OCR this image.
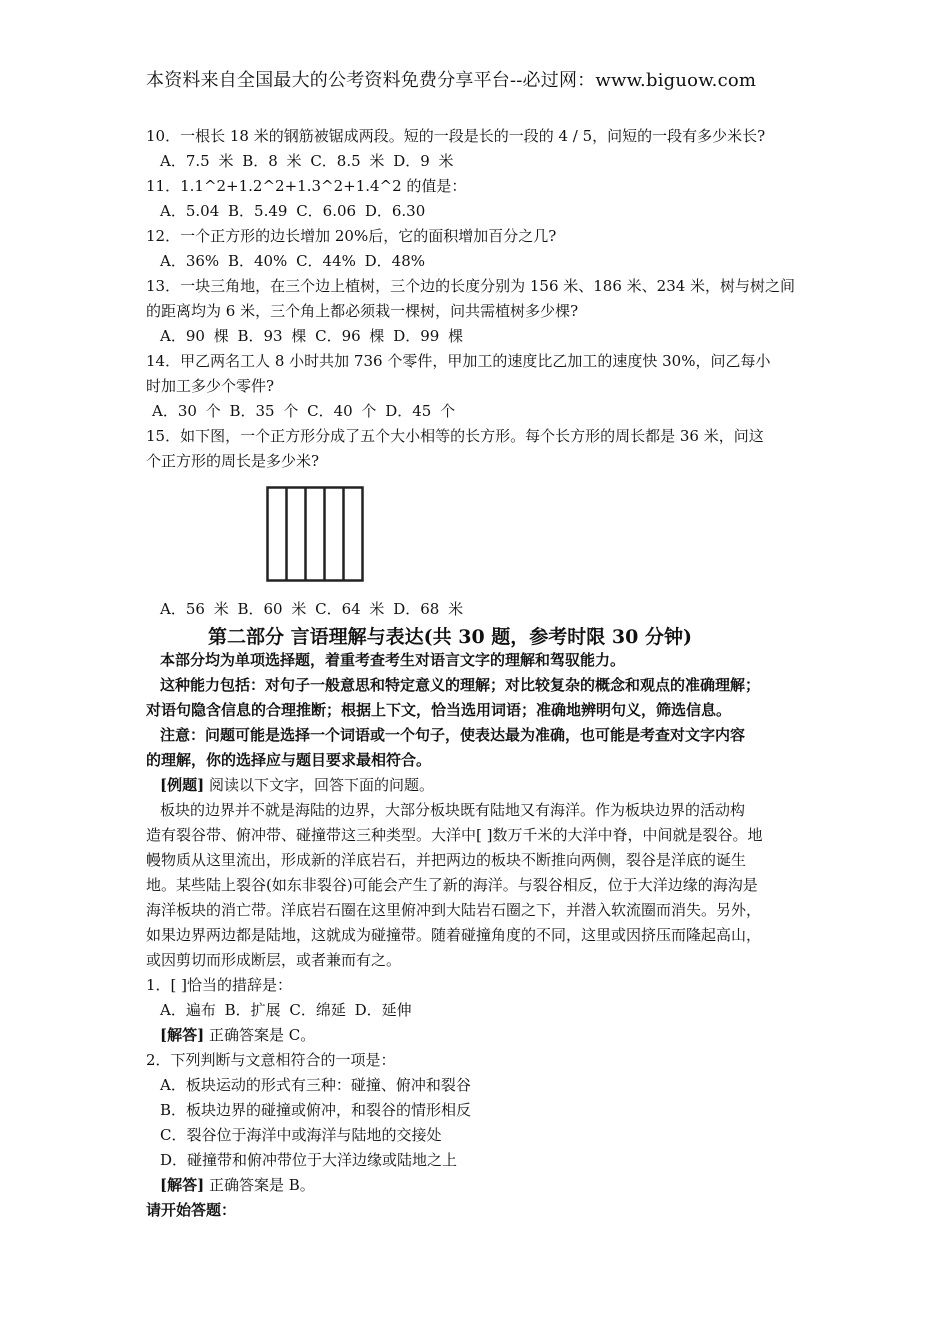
本资料来自全国最大的公考资料免费分享平台--必过网：www.biguow.com
10．一根长 18 米的钢筋被锯成两段。短的一段是长的一段的 4 / 5，问短的一段有多少米长?
A．7.5 米 B．8 米 C．8.5 米 D．9 米
11．1.1^2+1.2^2+1.3^2+1.4^2 的值是：
A．5.04 B．5.49 C．6.06 D．6.30
12．一个正方形的边长增加 20%后，它的面积增加百分之几?
A．36% B．40% C．44% D．48%
13．一块三角地，在三个边上植树，三个边的长度分别为 156 米、186 米、234 米，树与树之间
的距离均为 6 米，三个角上都必须栽一棵树，问共需植树多少棵?
A．90 棵 B．93 棵 C．96 棵 D．99 棵
14．甲乙两名工人 8 小时共加 736 个零件，甲加工的速度比乙加工的速度快 30%，问乙每小
时加工多少个零件?
A．30 个 B．35 个 C．40 个 D．45 个
15．如下图，一个正方形分成了五个大小相等的长方形。每个长方形的周长都是 36 米，问这
个正方形的周长是多少米?
A．56 米 B．60 米 C．64 米 D．68 米
第二部分 言语理解与表达(共 30 题，参考时限 30 分钟)
本部分均为单项选择题，着重考查考生对语言文字的理解和驾驭能力。
这种能力包括：对句子一般意思和特定意义的理解；对比较复杂的概念和观点的准确理解；
对语句隐含信息的合理推断；根据上下文，恰当选用词语；准确地辨明句义，筛选信息。
注意：问题可能是选择一个词语或一个句子，使表达最为准确，也可能是考查对文字内容
的理解，你的选择应与题目要求最相符合。
[例题] 阅读以下文字，回答下面的问题。
板块的边界并不就是海陆的边界，大部分板块既有陆地又有海洋。作为板块边界的活动构
造有裂谷带、俯冲带、碰撞带这三种类型。大洋中[ ]数万千米的大洋中脊，中间就是裂谷。地
幔物质从这里流出，形成新的洋底岩石，并把两边的板块不断推向两侧，裂谷是洋底的诞生
地。某些陆上裂谷(如东非裂谷)可能会产生了新的海洋。与裂谷相反，位于大洋边缘的海沟是
海洋板块的消亡带。洋底岩石圈在这里俯冲到大陆岩石圈之下，并潜入软流圈而消失。另外，
如果边界两边都是陆地，这就成为碰撞带。随着碰撞角度的不同，这里或因挤压而隆起高山，
或因剪切而形成断层，或者兼而有之。
1．[ ]恰当的措辞是：
A．遍布 B．扩展 C．绵延 D．延伸
[解答] 正确答案是 C。
2．下列判断与文意相符合的一项是：
A．板块运动的形式有三种：碰撞、俯冲和裂谷
B．板块边界的碰撞或俯冲，和裂谷的情形相反
C．裂谷位于海洋中或海洋与陆地的交接处
D．碰撞带和俯冲带位于大洋边缘或陆地之上
[解答] 正确答案是 B。
请开始答题：
